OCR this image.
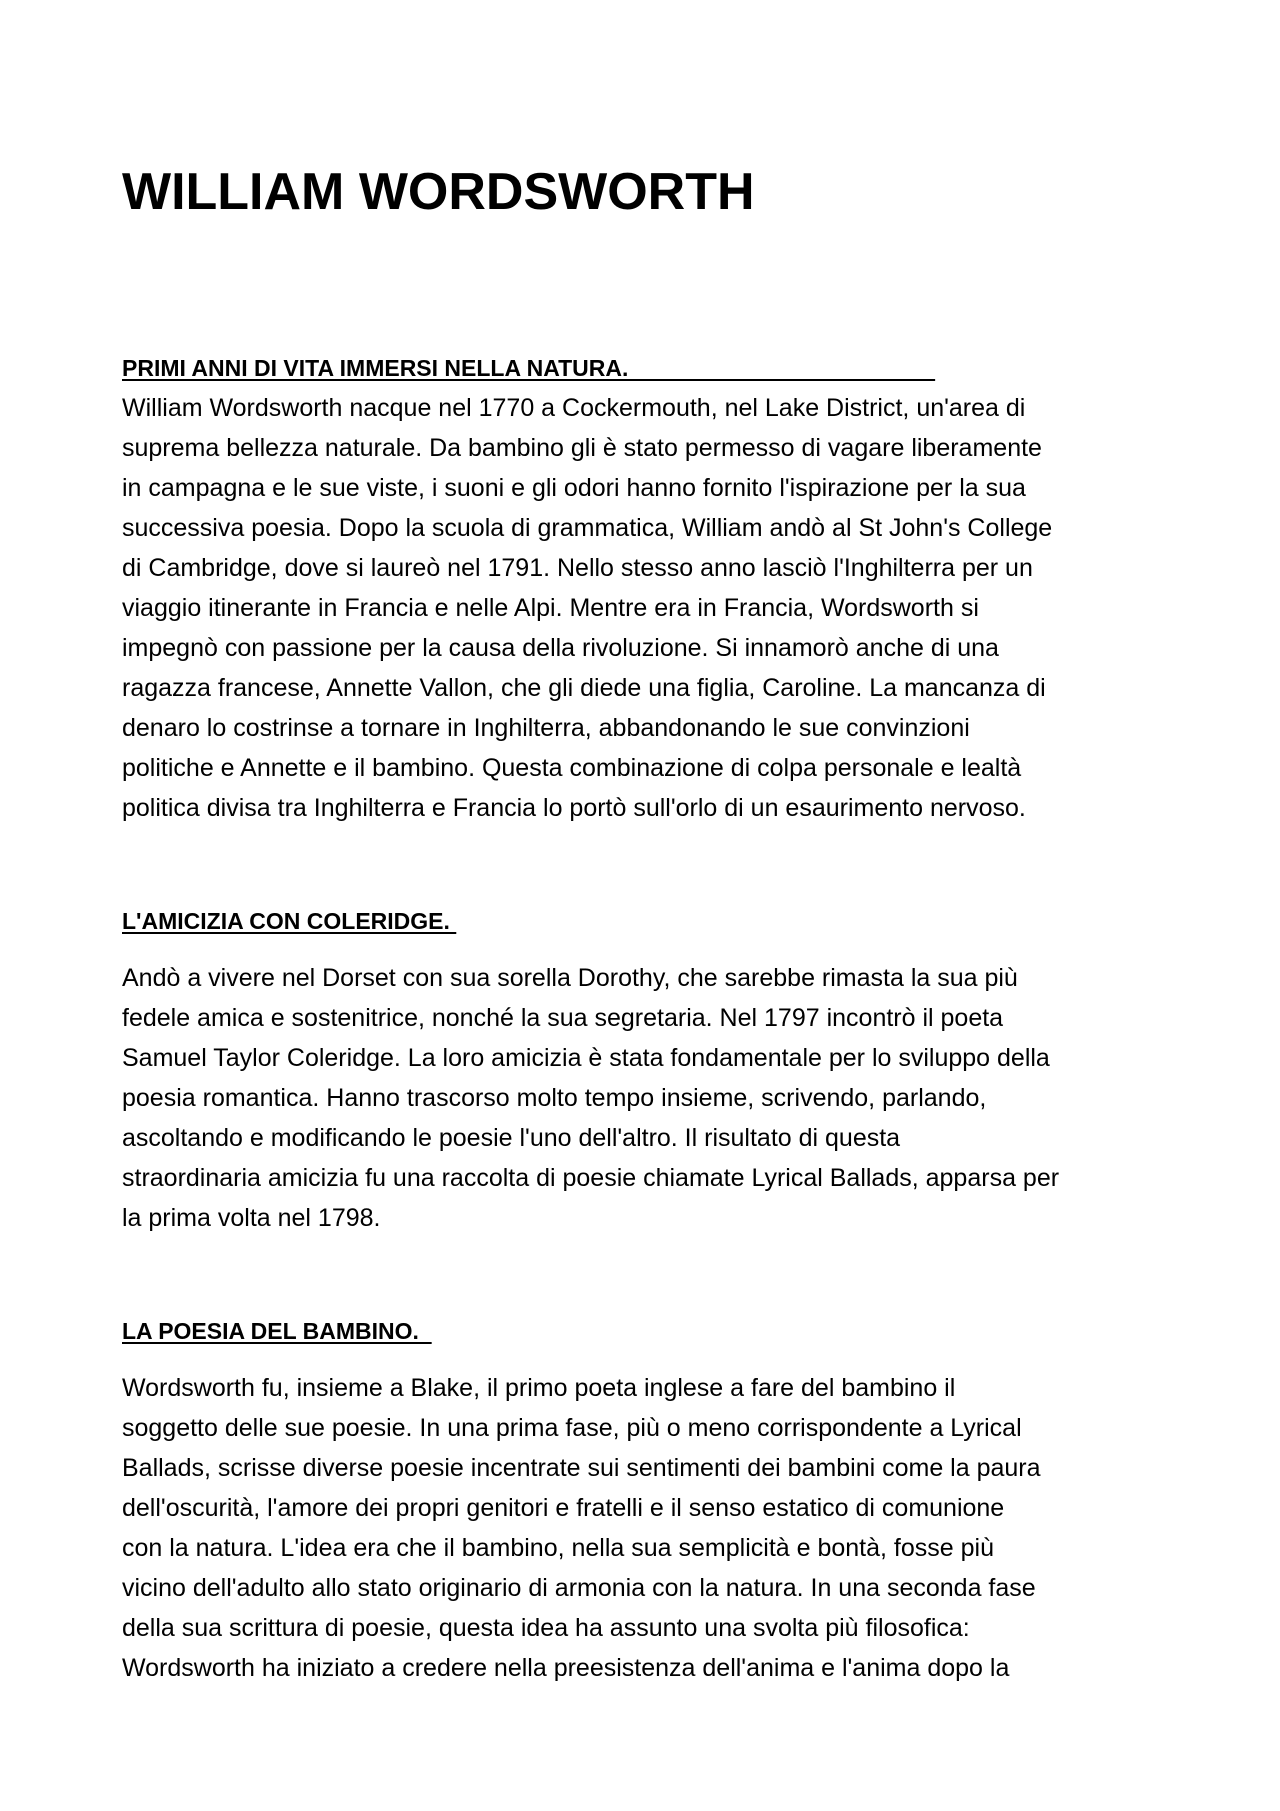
WILLIAM WORDSWORTH
PRIMI ANNI DI VITA IMMERSI NELLA NATURA.
William Wordsworth nacque nel 1770 a Cockermouth, nel Lake District, un'area di
suprema bellezza naturale. Da bambino gli è stato permesso di vagare liberamente
in campagna e le sue viste, i suoni e gli odori hanno fornito l'ispirazione per la sua
successiva poesia. Dopo la scuola di grammatica, William andò al St John's College
di Cambridge, dove si laureò nel 1791. Nello stesso anno lasciò l'Inghilterra per un
viaggio itinerante in Francia e nelle Alpi. Mentre era in Francia, Wordsworth si
impegnò con passione per la causa della rivoluzione. Si innamorò anche di una
ragazza francese, Annette Vallon, che gli diede una figlia, Caroline. La mancanza di
denaro lo costrinse a tornare in Inghilterra, abbandonando le sue convinzioni
politiche e Annette e il bambino. Questa combinazione di colpa personale e lealtà
politica divisa tra Inghilterra e Francia lo portò sull'orlo di un esaurimento nervoso.
L'AMICIZIA CON COLERIDGE.
Andò a vivere nel Dorset con sua sorella Dorothy, che sarebbe rimasta la sua più
fedele amica e sostenitrice, nonché la sua segretaria. Nel 1797 incontrò il poeta
Samuel Taylor Coleridge. La loro amicizia è stata fondamentale per lo sviluppo della
poesia romantica. Hanno trascorso molto tempo insieme, scrivendo, parlando,
ascoltando e modificando le poesie l'uno dell'altro. Il risultato di questa
straordinaria amicizia fu una raccolta di poesie chiamate Lyrical Ballads, apparsa per
la prima volta nel 1798.
LA POESIA DEL BAMBINO.
Wordsworth fu, insieme a Blake, il primo poeta inglese a fare del bambino il
soggetto delle sue poesie. In una prima fase, più o meno corrispondente a Lyrical
Ballads, scrisse diverse poesie incentrate sui sentimenti dei bambini come la paura
dell'oscurità, l'amore dei propri genitori e fratelli e il senso estatico di comunione
con la natura. L'idea era che il bambino, nella sua semplicità e bontà, fosse più
vicino dell'adulto allo stato originario di armonia con la natura. In una seconda fase
della sua scrittura di poesie, questa idea ha assunto una svolta più filosofica:
Wordsworth ha iniziato a credere nella preesistenza dell'anima e l'anima dopo la
